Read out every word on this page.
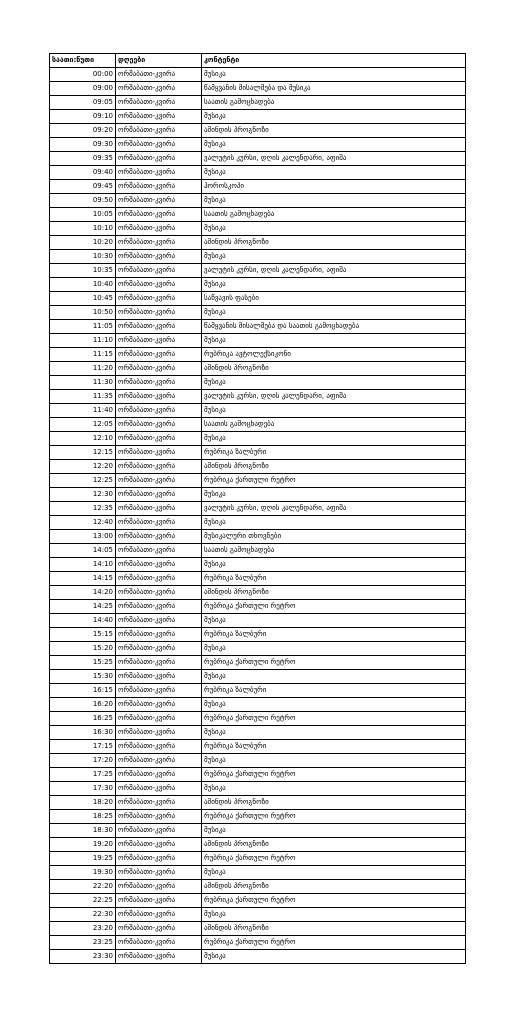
საათი:წუთი	დღეები	კონტენტი
00:00	ორშაბათი-კვირა	მუსიკა
09:00	ორშაბათი-კვირა	წამყვანის მისალმება და მუსიკა
09:05	ორშაბათი-კვირა	საათის გამოცხადება
09:10	ორშაბათი-კვირა	მუსიკა
09:20	ორშაბათი-კვირა	ამინდის პროგნოზი
09:30	ორშაბათი-კვირა	მუსიკა
09:35	ორშაბათი-კვირა	ვალუტის კურსი, დღის კალენდარი, აფიშა
09:40	ორშაბათი-კვირა	მუსიკა
09:45	ორშაბათი-კვირა	ჰოროსკოპი
09:50	ორშაბათი-კვირა	მუსიკა
10:05	ორშაბათი-კვირა	საათის გამოცხადება
10:10	ორშაბათი-კვირა	მუსიკა
10:20	ორშაბათი-კვირა	ამინდის პროგნოზი
10:30	ორშაბათი-კვირა	მუსიკა
10:35	ორშაბათი-კვირა	ვალუტის კურსი, დღის კალენდარი, აფიშა
10:40	ორშაბათი-კვირა	მუსიკა
10:45	ორშაბათი-კვირა	საწვავის ფასები
10:50	ორშაბათი-კვირა	მუსიკა
11:05	ორშაბათი-კვირა	წამყვანის მისალმება და საათის გამოცხადება
11:10	ორშაბათი-კვირა	მუსიკა
11:15	ორშაბათი-კვირა	რუბრიკა ავტოლექსიკონი
11:20	ორშაბათი-კვირა	ამინდის პროგნოზი
11:30	ორშაბათი-კვირა	მუსიკა
11:35	ორშაბათი-კვირა	ვალუტის კურსი, დღის კალენდარი, აფიშა
11:40	ორშაბათი-კვირა	მუსიკა
12:05	ორშაბათი-კვირა	საათის გამოცხადება
12:10	ორშაბათი-კვირა	მუსიკა
12:15	ორშაბათი-კვირა	რუბრიკა ზალბური
12:20	ორშაბათი-კვირა	ამინდის პროგნოზი
12:25	ორშაბათი-კვირა	რუბრიკა ქართული რეტრო
12:30	ორშაბათი-კვირა	მუსიკა
12:35	ორშაბათი-კვირა	ვალუტის კურსი, დღის კალენდარი, აფიშა
12:40	ორშაბათი-კვირა	მუსიკა
13:00	ორშაბათი-კვირა	მუსიკალური თხოვნები
14:05	ორშაბათი-კვირა	საათის გამოცხადება
14:10	ორშაბათი-კვირა	მუსიკა
14:15	ორშაბათი-კვირა	რუბრიკა ზალბური
14:20	ორშაბათი-კვირა	ამინდის პროგნოზი
14:25	ორშაბათი-კვირა	რუბრიკა ქართული რეტრო
14:40	ორშაბათი-კვირა	მუსიკა
15:15	ორშაბათი-კვირა	რუბრიკა ზალბური
15:20	ორშაბათი-კვირა	მუსიკა
15:25	ორშაბათი-კვირა	რუბრიკა ქართული რეტრო
15:30	ორშაბათი-კვირა	მუსიკა
16:15	ორშაბათი-კვირა	რუბრიკა ზალბური
16:20	ორშაბათი-კვირა	მუსიკა
16:25	ორშაბათი-კვირა	რუბრიკა ქართული რეტრო
16:30	ორშაბათი-კვირა	მუსიკა
17:15	ორშაბათი-კვირა	რუბრიკა ზალბური
17:20	ორშაბათი-კვირა	მუსიკა
17:25	ორშაბათი-კვირა	რუბრიკა ქართული რეტრო
17:30	ორშაბათი-კვირა	მუსიკა
18:20	ორშაბათი-კვირა	ამინდის პროგნოზი
18:25	ორშაბათი-კვირა	რუბრიკა ქართული რეტრო
18:30	ორშაბათი-კვირა	მუსიკა
19:20	ორშაბათი-კვირა	ამინდის პროგნოზი
19:25	ორშაბათი-კვირა	რუბრიკა ქართული რეტრო
19:30	ორშაბათი-კვირა	მუსიკა
22:20	ორშაბათი-კვირა	ამინდის პროგნოზი
22:25	ორშაბათი-კვირა	რუბრიკა ქართული რეტრო
22:30	ორშაბათი-კვირა	მუსიკა
23:20	ორშაბათი-კვირა	ამინდის პროგნოზი
23:25	ორშაბათი-კვირა	რუბრიკა ქართული რეტრო
23:30	ორშაბათი-კვირა	მუსიკა
